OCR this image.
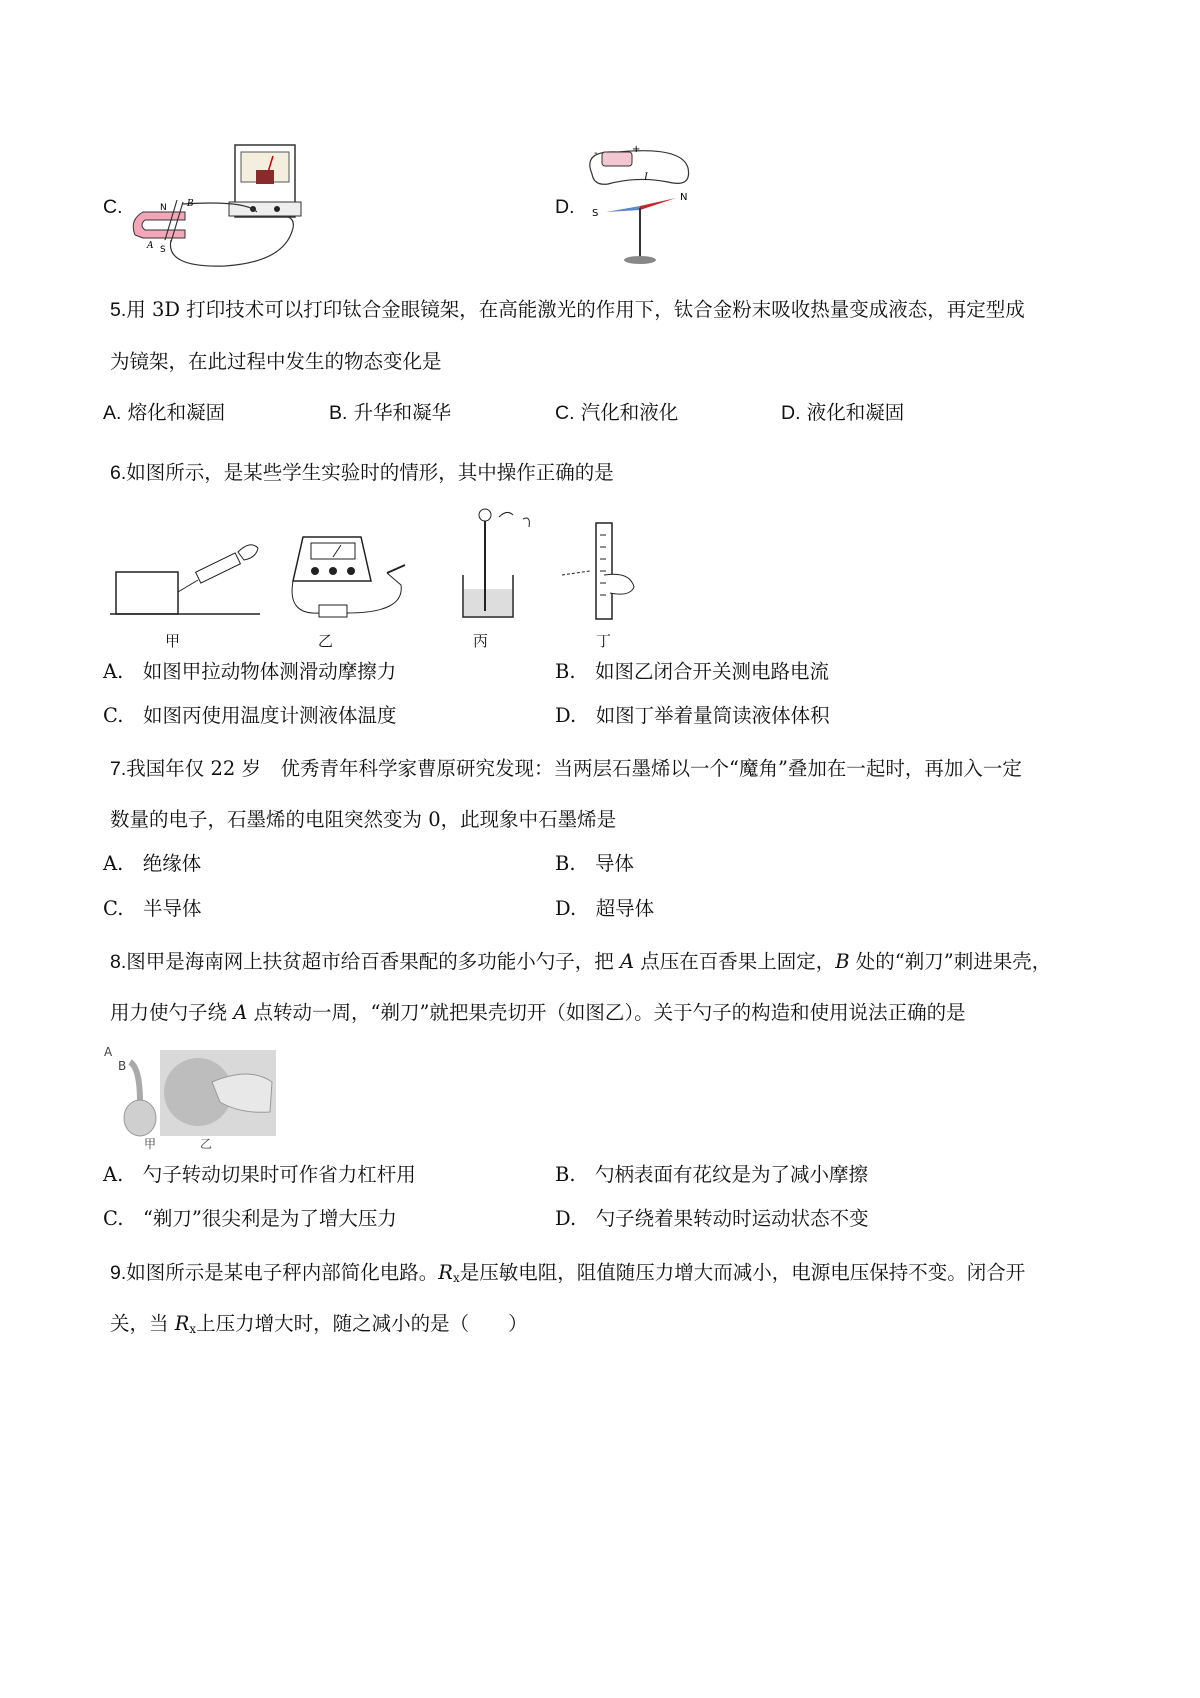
C.	N
S
A
B	D.
-	+
I
S
N
5.用 3D 打印技术可以打印钛合金眼镜架，在高能激光的作用下，钛合金粉末吸收热量变成液态，再定型成
为镜架，在此过程中发生的物态变化是
A. 熔化和凝固	B. 升华和凝华	C. 汽化和液化	D. 液化和凝固
6.如图所示，是某些学生实验时的情形，其中操作正确的是
甲	乙	丙	丁
A.　 如图甲拉动物体测滑动摩擦力	B.　 如图乙闭合开关测电路电流
C.　 如图丙使用温度计测液体温度	D.　 如图丁举着量筒读液体体积
7.我国年仅 22 岁　优秀青年科学家曹原研究发现：当两层石墨烯以一个“魔角”叠加在一起时，再加入一定
数量的电子，石墨烯的电阻突然变为 0，此现象中石墨烯是
A.　 绝缘体	B.　 导体
C.　 半导体	D.　 超导体
8.图甲是海南网上扶贫超市给百香果配的多功能小勺子，把 A 点压在百香果上固定，B 处的“剃刀”刺进果壳，
用力使勺子绕 A 点转动一周，“剃刀”就把果壳切开（如图乙）。关于勺子的构造和使用说法正确的是
A
B
甲	乙
A.　 勺子转动切果时可作省力杠杆用	B.　 勺柄表面有花纹是为了减小摩擦
C.　 “剃刀”很尖利是为了增大压力	D.　 勺子绕着果转动时运动状态不变
9.如图所示是某电子秤内部简化电路。$R_x$是压敏电阻，阻值随压力增大而减小，电源电压保持不变。闭合开
关，当 $R_x$上压力增大时，随之减小的是（　　）
